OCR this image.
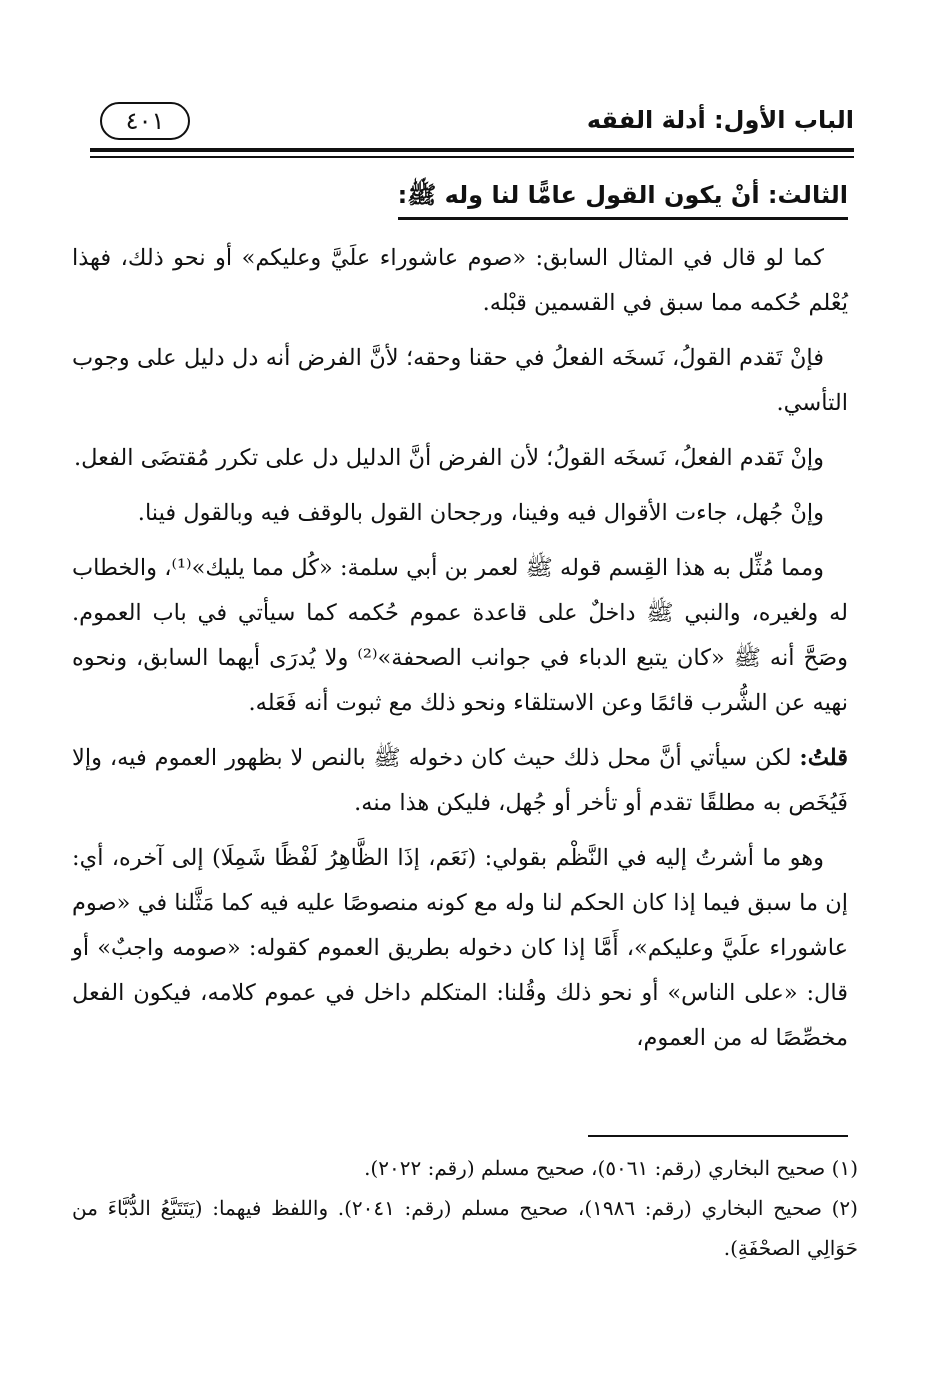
الباب الأول: أدلة الفقه
٤٠١
الثالث: أنْ يكون القول عامًّا لنا وله ﷺ:

كما لو قال في المثال السابق: «صوم عاشوراء علَيَّ وعليكم» أو نحو ذلك، فهذا يُعْلم حُكمه مما سبق في القسمين قبْله.

فإنْ تَقدم القولُ، نَسخَه الفعلُ في حقنا وحقه؛ لأنَّ الفرض أنه دل دليل على وجوب التأسي.

وإنْ تَقدم الفعلُ، نَسخَه القولُ؛ لأن الفرض أنَّ الدليل دل على تكرر مُقتضَى الفعل.

وإنْ جُهل، جاءت الأقوال فيه وفينا، ورجحان القول بالوقف فيه وبالقول فينا.

ومما مُثِّل به هذا القِسم قوله ﷺ لعمر بن أبي سلمة: «كُل مما يليك»⁽¹⁾، والخطاب له ولغيره، والنبي ﷺ داخلٌ على قاعدة عموم حُكمه كما سيأتي في باب العموم. وصَحَّ أنه ﷺ «كان يتبع الدباء في جوانب الصحفة»⁽²⁾ ولا يُدرَى أيهما السابق، ونحوه نهيه عن الشُّرب قائمًا وعن الاستلقاء ونحو ذلك مع ثبوت أنه فَعَله.

قلتُ: لكن سيأتي أنَّ محل ذلك حيث كان دخوله ﷺ بالنص لا بظهور العموم فيه، وإلا فَيُخَص به مطلقًا تقدم أو تأخر أو جُهل، فليكن هذا منه.

وهو ما أشرتُ إليه في النَّظْم بقولي: (نَعَم، إذَا الظَّاهِرُ لَفْظًا شَمِلَا) إلى آخره، أي: إن ما سبق فيما إذا كان الحكم لنا وله مع كونه منصوصًا عليه فيه كما مَثَّلنا في «صوم عاشوراء علَيَّ وعليكم»، أَمَّا إذا كان دخوله بطريق العموم كقوله: «صومه واجبٌ» أو قال: «على الناس» أو نحو ذلك وقُلنا: المتكلم داخل في عموم كلامه، فيكون الفعل مخصِّصًا له من العموم،

(١) صحيح البخاري (رقم: ٥٠٦١)، صحيح مسلم (رقم: ٢٠٢٢).

(٢) صحيح البخاري (رقم: ١٩٨٦)، صحيح مسلم (رقم: ٢٠٤١). واللفظ فيهما: (يَتَتَبَّعُ الدُّبَّاءَ من حَوَالِي الصحْفَةِ).
